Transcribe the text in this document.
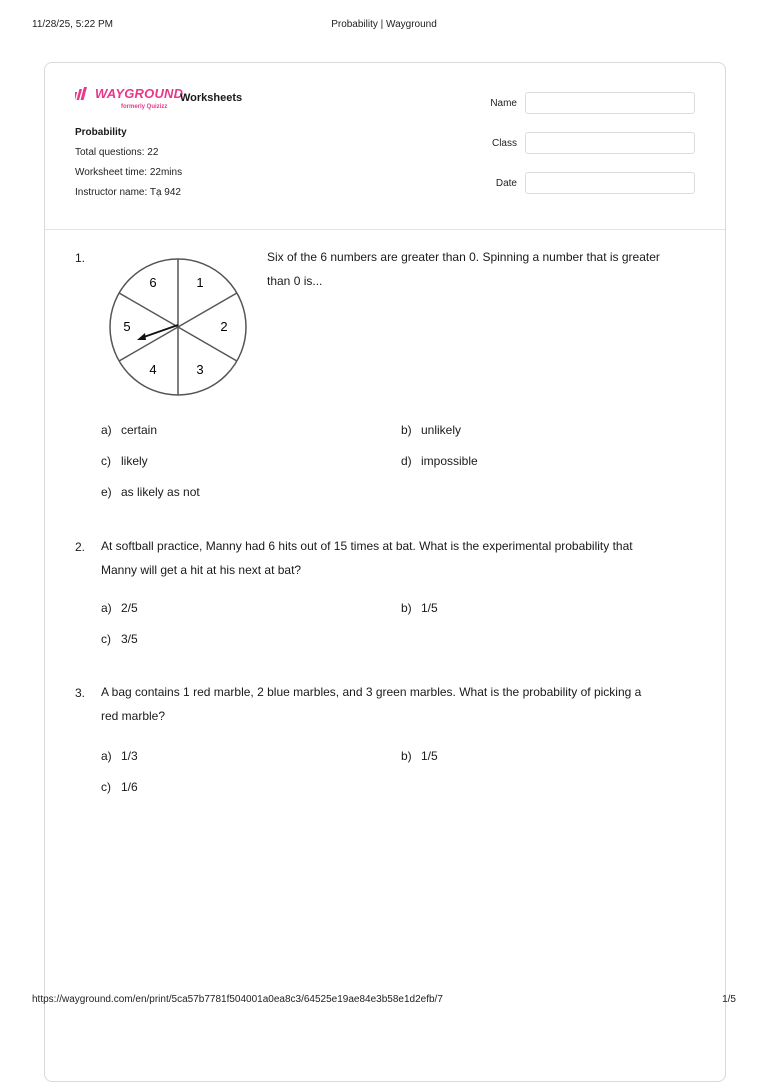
11/28/25, 5:22 PM	Probability | Wayground
WAYGROUND
formerly Quizizz
Worksheets
Probability
Total questions: 22
Worksheet time: 22mins
Instructor name: Tạ 942
Name
Class
Date
1.
1
2
3
4
5
6
Six of the 6 numbers are greater than 0. Spinning a number that is greater
than 0 is...
a) certain	b) unlikely
c) likely	d) impossible
e) as likely as not
2. At softball practice, Manny had 6 hits out of 15 times at bat. What is the experimental probability that
Manny will get a hit at his next at bat?
a) 2/5	b) 1/5
c) 3/5
3. A bag contains 1 red marble, 2 blue marbles, and 3 green marbles. What is the probability of picking a
red marble?
a) 1/3	b) 1/5
c) 1/6
https://wayground.com/en/print/5ca57b7781f504001a0ea8c3/64525e19ae84e3b58e1d2efb/7	1/5
